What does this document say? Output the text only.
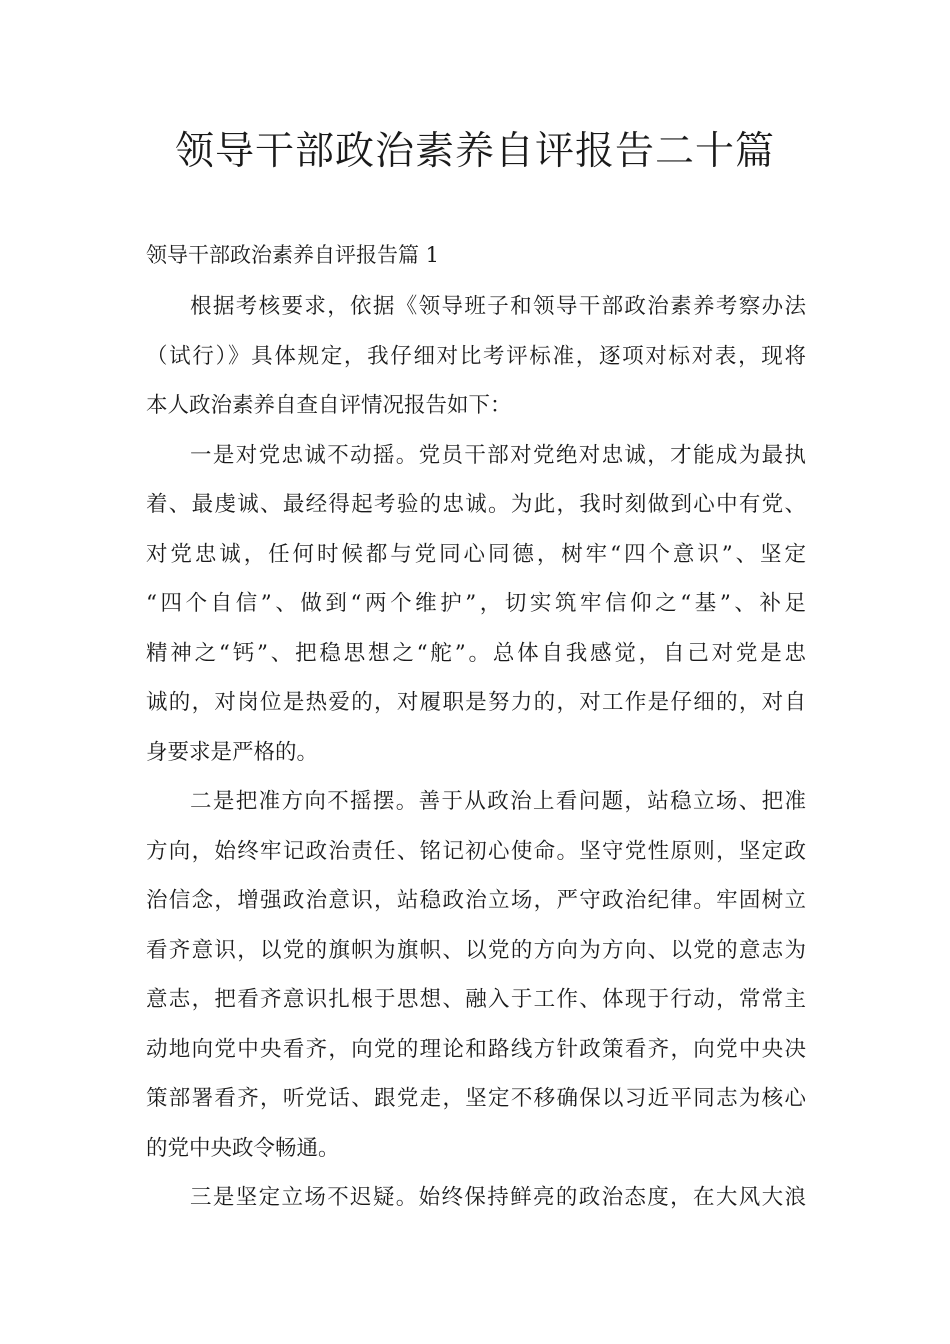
领导干部政治素养自评报告二十篇
领导干部政治素养自评报告篇 1

根据考核要求，依据《领导班子和领导干部政治素养考察办法
（试行）》具体规定，我仔细对比考评标准，逐项对标对表，现将
本人政治素养自查自评情况报告如下：

一是对党忠诚不动摇。党员干部对党绝对忠诚，才能成为最执
着、最虔诚、最经得起考验的忠诚。为此，我时刻做到心中有党、
对党忠诚，任何时候都与党同心同德，树牢“四个意识”、坚定
“四个自信”、做到“两个维护”，切实筑牢信仰之“基”、补足
精神之“钙”、把稳思想之“舵”。总体自我感觉，自己对党是忠
诚的，对岗位是热爱的，对履职是努力的，对工作是仔细的，对自
身要求是严格的。

二是把准方向不摇摆。善于从政治上看问题，站稳立场、把准
方向，始终牢记政治责任、铭记初心使命。坚守党性原则，坚定政
治信念，增强政治意识，站稳政治立场，严守政治纪律。牢固树立
看齐意识，以党的旗帜为旗帜、以党的方向为方向、以党的意志为
意志，把看齐意识扎根于思想、融入于工作、体现于行动，常常主
动地向党中央看齐，向党的理论和路线方针政策看齐，向党中央决
策部署看齐，听党话、跟党走，坚定不移确保以习近平同志为核心
的党中央政令畅通。

三是坚定立场不迟疑。始终保持鲜亮的政治态度，在大风大浪
